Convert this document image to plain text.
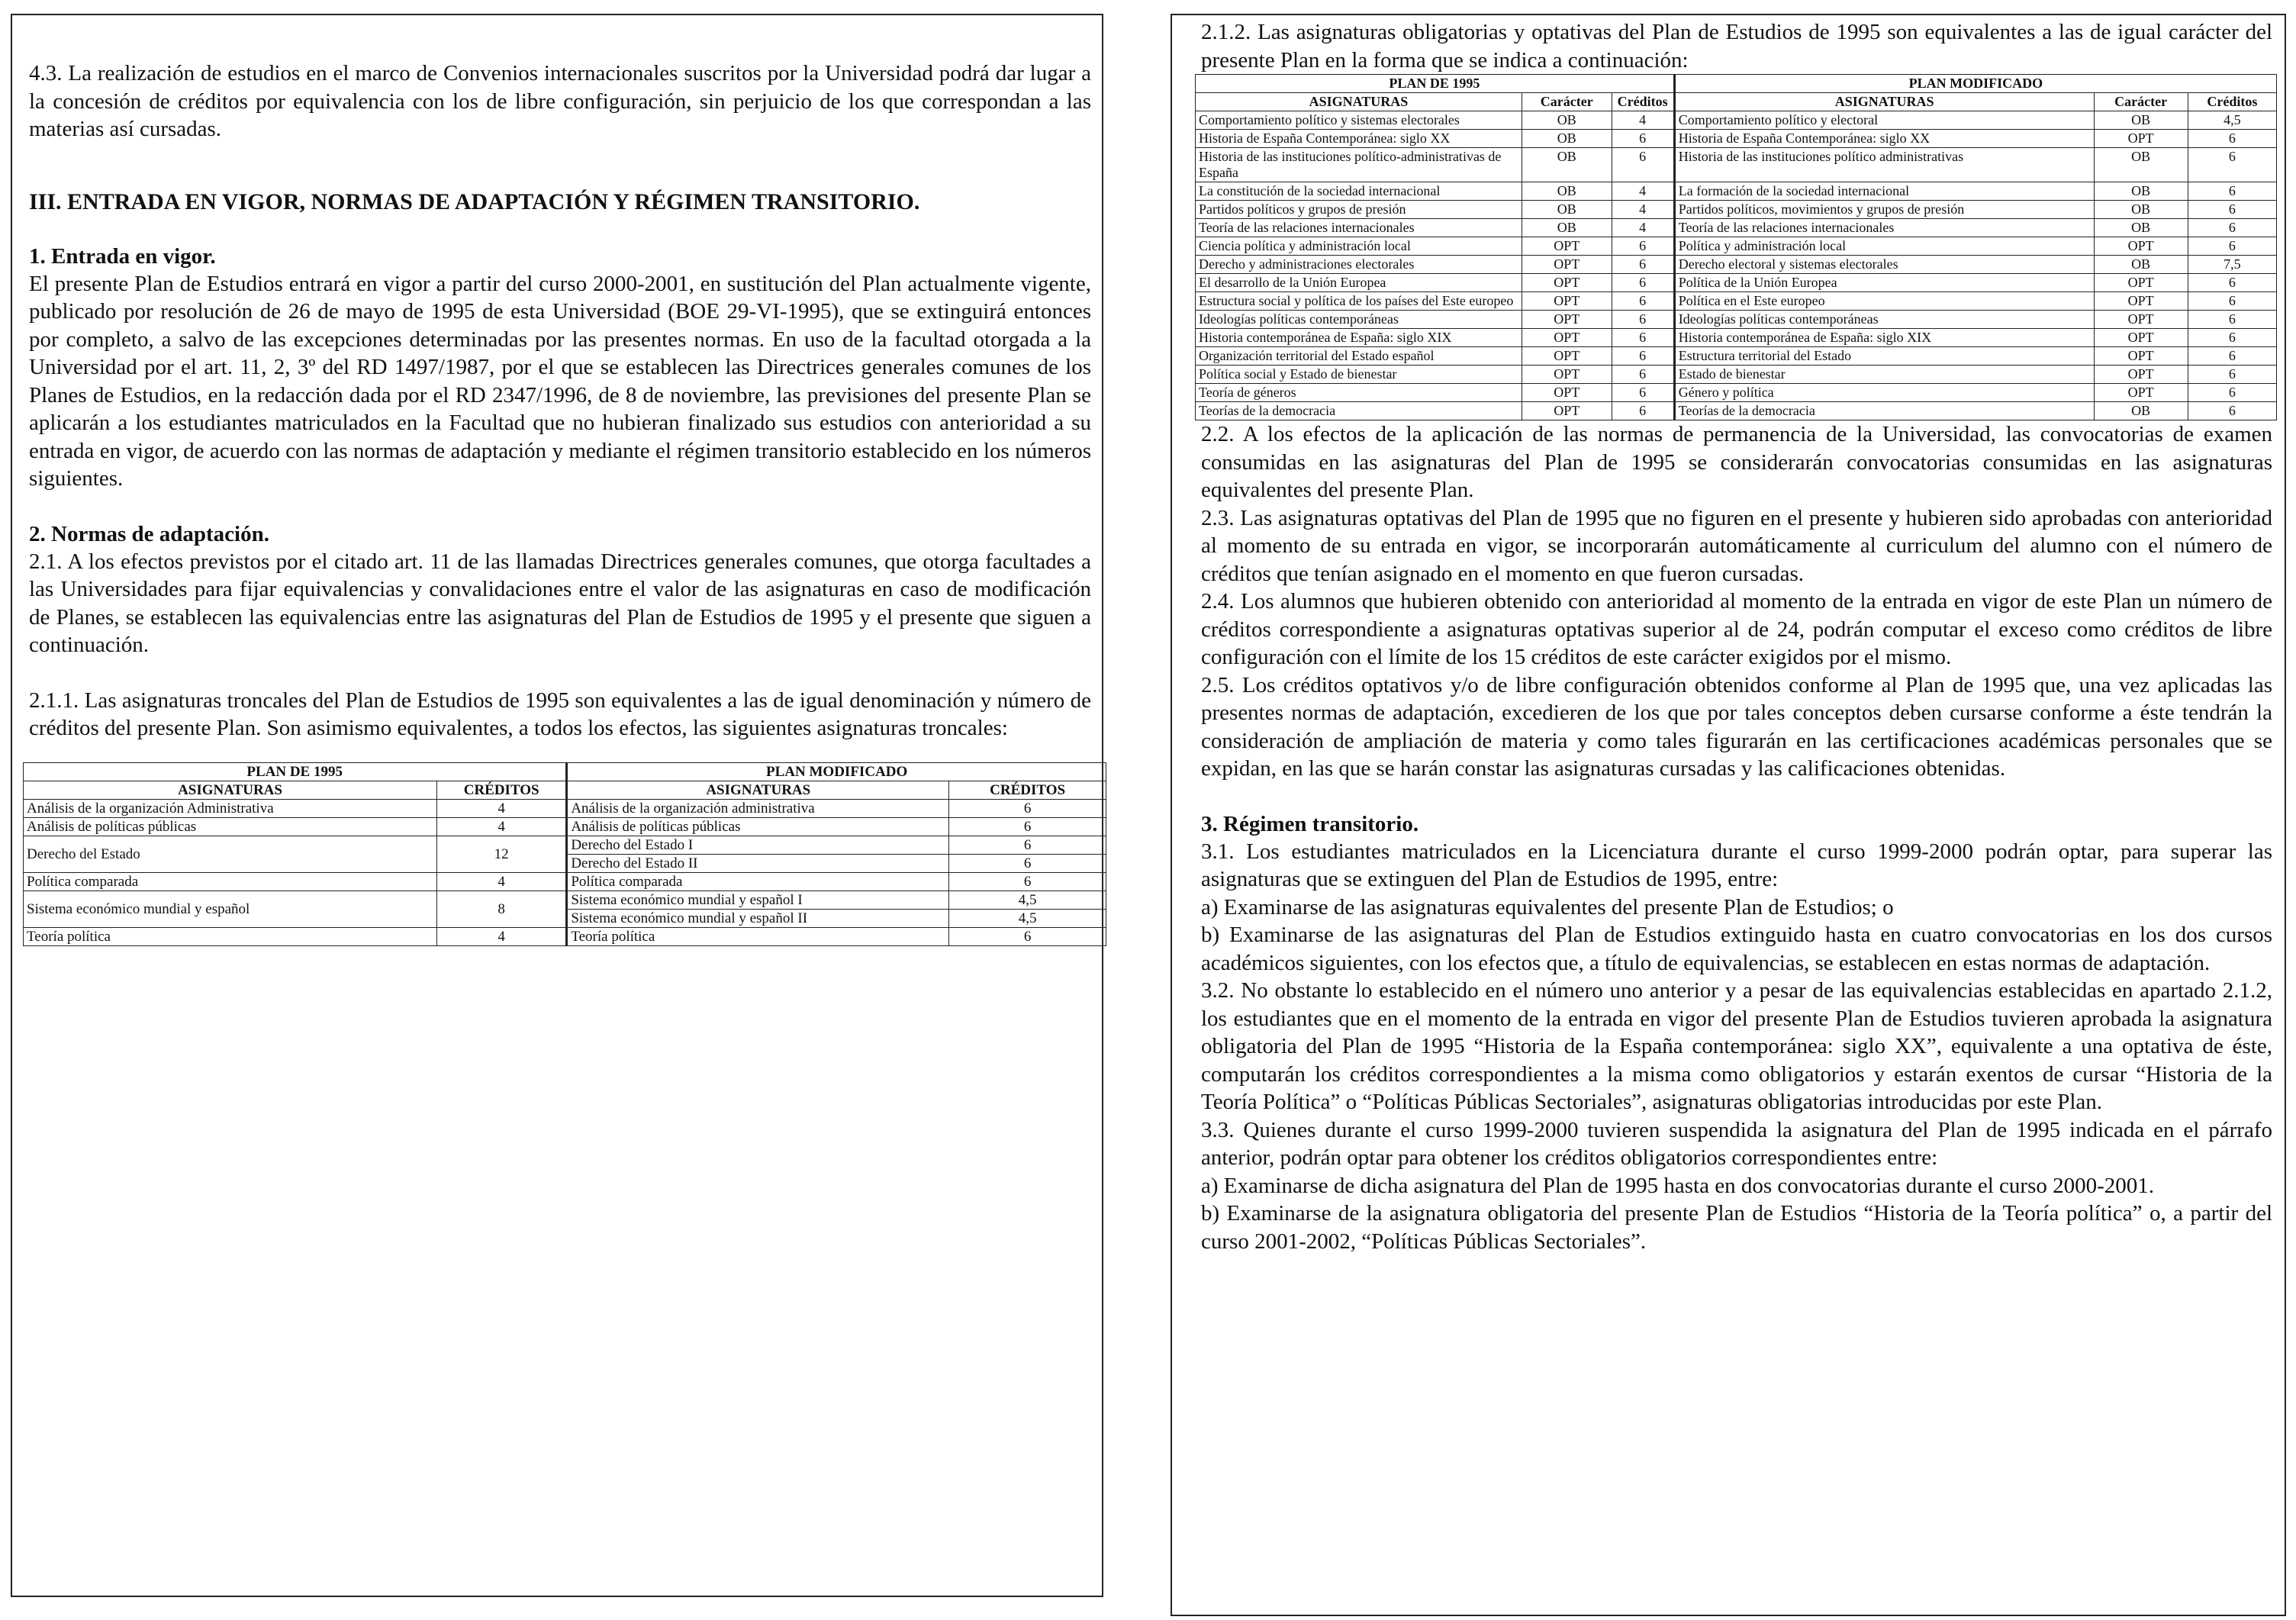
4.3. La realización de estudios en el marco de Convenios internacionales suscritos por la Universidad podrá dar lugar a la concesión de créditos por equivalencia con los de libre configuración, sin perjuicio de los que correspondan a las materias así cursadas.

III. ENTRADA EN VIGOR, NORMAS DE ADAPTACIÓN Y RÉGIMEN TRANSITORIO.
1. Entrada en vigor.

El presente Plan de Estudios entrará en vigor a partir del curso 2000-2001, en sustitución del Plan actualmente vigente, publicado por resolución de 26 de mayo de 1995 de esta Universidad (BOE 29-VI-1995), que se extinguirá entonces por completo, a salvo de las excepciones determinadas por las presentes normas. En uso de la facultad otorgada a la Universidad por el art. 11, 2, 3º del RD 1497/1987, por el que se establecen las Directrices generales comunes de los Planes de Estudios, en la redacción dada por el RD 2347/1996, de 8 de noviembre, las previsiones del presente Plan se aplicarán a los estudiantes matriculados en la Facultad que no hubieran finalizado sus estudios con anterioridad a su entrada en vigor, de acuerdo con las normas de adaptación y mediante el régimen transitorio establecido en los números siguientes.

2. Normas de adaptación.

2.1. A los efectos previstos por el citado art. 11 de las llamadas Directrices generales comunes, que otorga facultades a las Universidades para fijar equivalencias y convalidaciones entre el valor de las asignaturas en caso de modificación de Planes, se establecen las equivalencias entre las asignaturas del Plan de Estudios de 1995 y el presente que siguen a continuación.

2.1.1. Las asignaturas troncales del Plan de Estudios de 1995 son equivalentes a las de igual denominación y número de créditos del presente Plan. Son asimismo equivalentes, a todos los efectos, las siguientes asignaturas troncales:

PLAN DE 1995		PLAN MODIFICADO	
ASIGNATURAS	CRÉDITOS	ASIGNATURAS	CRÉDITOS
Análisis de la organización Administrativa	4	Análisis de la organización administrativa	6
Análisis de políticas públicas	4	Análisis de políticas públicas	6
Derecho del Estado	12	Derecho del Estado I	6
		Derecho del Estado II	6
Política comparada	4	Política comparada	6
Sistema económico mundial y español	8	Sistema económico mundial y español I	4,5
		Sistema económico mundial y español II	4,5
Teoría política	4	Teoría política	6

2.1.2. Las asignaturas obligatorias y optativas del Plan de Estudios de 1995 son equivalentes a las de igual carácter del presente Plan en la forma que se indica a continuación:

PLAN DE 1995			PLAN MODIFICADO		
ASIGNATURAS	Carácter	Créditos	ASIGNATURAS	Carácter	Créditos
Comportamiento político y sistemas electorales	OB	4	Comportamiento político y electoral	OB	4,5
Historia de España Contemporánea: siglo XX	OB	6	Historia de España Contemporánea: siglo XX	OPT	6
Historia de las instituciones político-administrativas de España	OB	6	Historia de las instituciones político administrativas	OB	6
La constitución de la sociedad internacional	OB	4	La formación de la sociedad internacional	OB	6
Partidos políticos y grupos de presión	OB	4	Partidos políticos, movimientos y grupos de presión	OB	6
Teoría de las relaciones internacionales	OB	4	Teoría de las relaciones internacionales	OB	6
Ciencia política y administración local	OPT	6	Política y administración local	OPT	6
Derecho y administraciones electorales	OPT	6	Derecho electoral y sistemas electorales	OB	7,5
El desarrollo de la Unión Europea	OPT	6	Política de la Unión Europea	OPT	6
Estructura social y política de los países del Este europeo	OPT	6	Política en el Este europeo	OPT	6
Ideologías políticas contemporáneas	OPT	6	Ideologías políticas contemporáneas	OPT	6
Historia contemporánea de España: siglo XIX	OPT	6	Historia contemporánea de España: siglo XIX	OPT	6
Organización territorial del Estado español	OPT	6	Estructura territorial del Estado	OPT	6
Política social y Estado de bienestar	OPT	6	Estado de bienestar	OPT	6
Teoría de géneros	OPT	6	Género y política	OPT	6
Teorías de la democracia	OPT	6	Teorías de la democracia	OB	6

2.2. A los efectos de la aplicación de las normas de permanencia de la Universidad, las convocatorias de examen consumidas en las asignaturas del Plan de 1995 se considerarán convocatorias consumidas en las asignaturas equivalentes del presente Plan.

2.3. Las asignaturas optativas del Plan de 1995 que no figuren en el presente y hubieren sido aprobadas con anterioridad al momento de su entrada en vigor, se incorporarán automáticamente al curriculum del alumno con el número de créditos que tenían asignado en el momento en que fueron cursadas.

2.4. Los alumnos que hubieren obtenido con anterioridad al momento de la entrada en vigor de este Plan un número de créditos correspondiente a asignaturas optativas superior al de 24, podrán computar el exceso como créditos de libre configuración con el límite de los 15 créditos de este carácter exigidos por el mismo.

2.5. Los créditos optativos y/o de libre configuración obtenidos conforme al Plan de 1995 que, una vez aplicadas las presentes normas de adaptación, excedieren de los que por tales conceptos deben cursarse conforme a éste tendrán la consideración de ampliación de materia y como tales figurarán en las certificaciones académicas personales que se expidan, en las que se harán constar las asignaturas cursadas y las calificaciones obtenidas.

3. Régimen transitorio.

3.1. Los estudiantes matriculados en la Licenciatura durante el curso 1999-2000 podrán optar, para superar las asignaturas que se extinguen del Plan de Estudios de 1995, entre:

a) Examinarse de las asignaturas equivalentes del presente Plan de Estudios; o

b) Examinarse de las asignaturas del Plan de Estudios extinguido hasta en cuatro convocatorias en los dos cursos académicos siguientes, con los efectos que, a título de equivalencias, se establecen en estas normas de adaptación.

3.2. No obstante lo establecido en el número uno anterior y a pesar de las equivalencias establecidas en apartado 2.1.2, los estudiantes que en el momento de la entrada en vigor del presente Plan de Estudios tuvieren aprobada la asignatura obligatoria del Plan de 1995 “Historia de la España contemporánea: siglo XX”, equivalente a una optativa de éste, computarán los créditos correspondientes a la misma como obligatorios y estarán exentos de cursar “Historia de la Teoría Política” o “Políticas Públicas Sectoriales”, asignaturas obligatorias introducidas por este Plan.

3.3. Quienes durante el curso 1999-2000 tuvieren suspendida la asignatura del Plan de 1995 indicada en el párrafo anterior, podrán optar para obtener los créditos obligatorios correspondientes entre:

a) Examinarse de dicha asignatura del Plan de 1995 hasta en dos convocatorias durante el curso 2000-2001.

b) Examinarse de la asignatura obligatoria del presente Plan de Estudios “Historia de la Teoría política” o, a partir del curso 2001-2002, “Políticas Públicas Sectoriales”.
